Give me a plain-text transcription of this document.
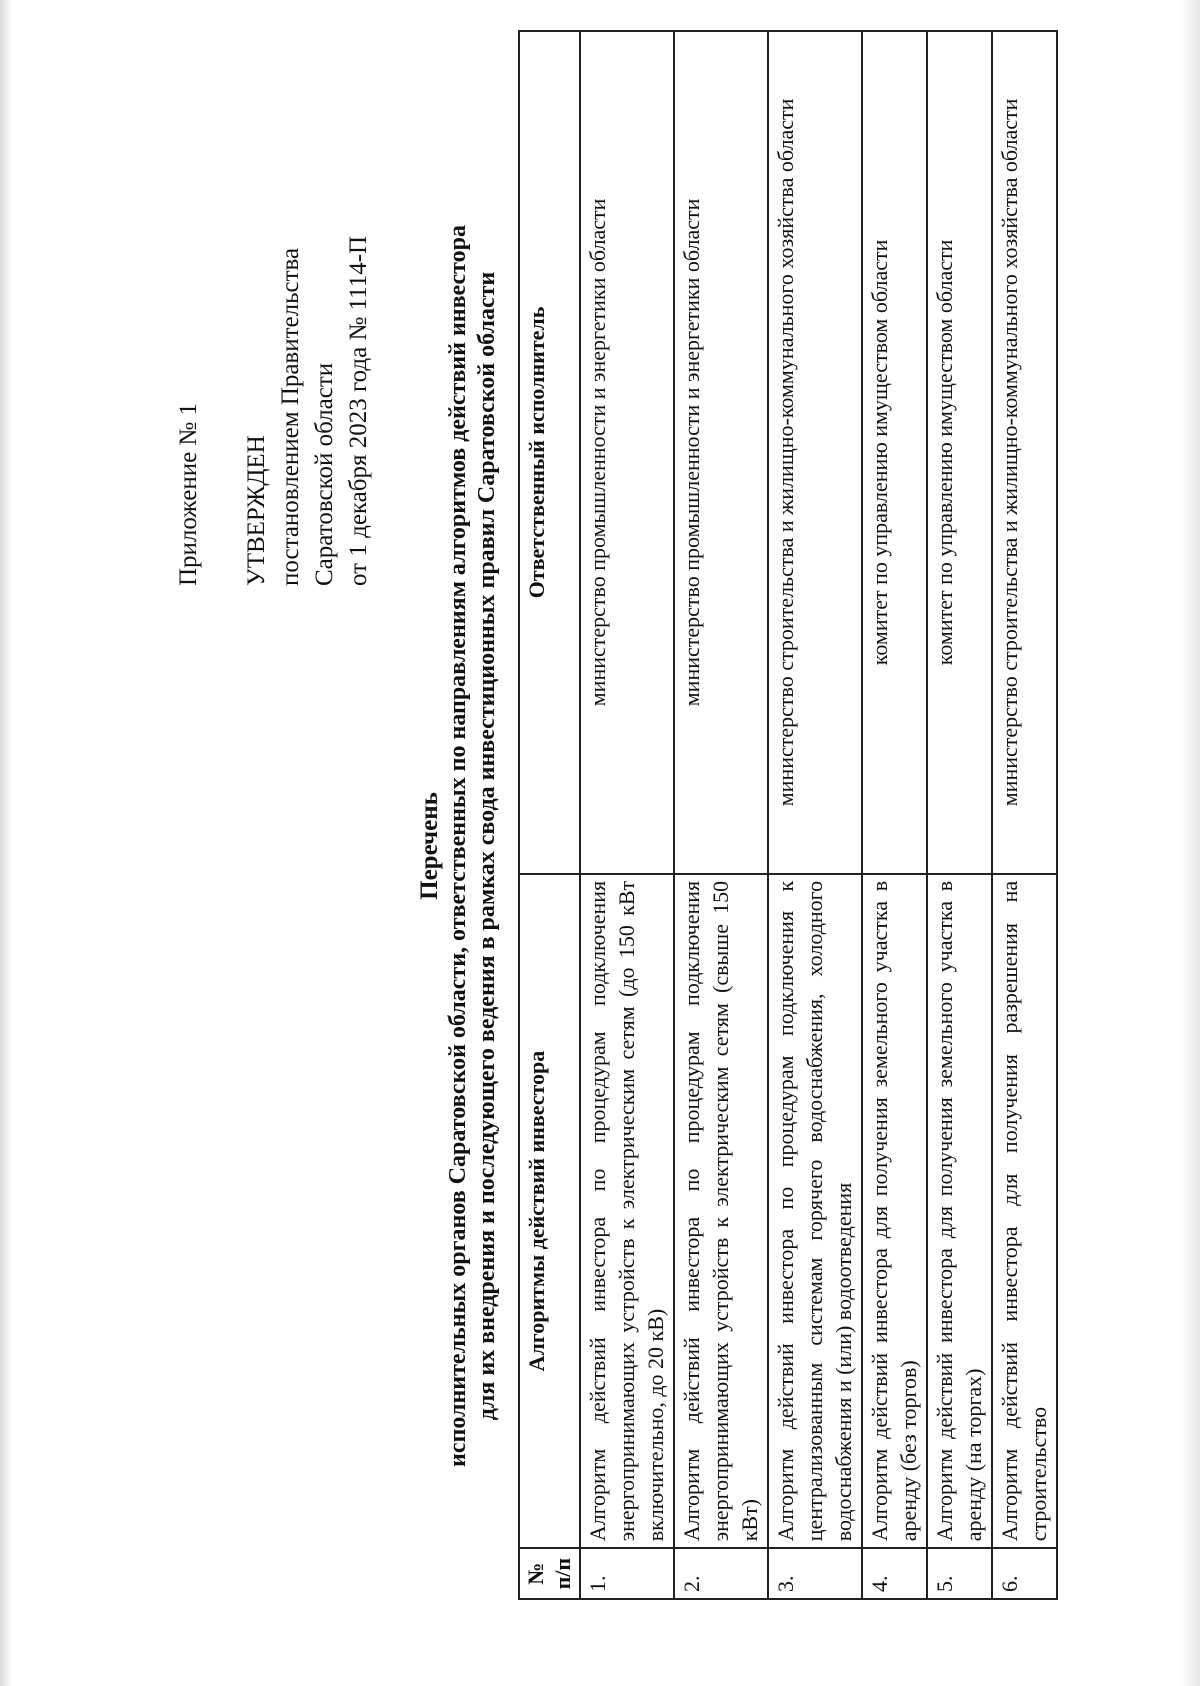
Приложение № 1 УТВЕРЖДЕН постановлением Правительства Саратовской области от 1 декабря 2023 года № 1114-П
Перечень исполнительных органов Саратовской области, ответственных по направлениям алгоритмов действий инвестора для их внедрения и последующего ведения в рамках свода инвестиционных правил Саратовской области
№ п/п	Алгоритмы действий инвестора	Ответственный исполнитель
1.	Алгоритм действий инвестора по процедурам подключения энергопринимающих устройств к электрическим сетям (до 150 кВт включительно, до 20 кВ)	министерство промышленности и энергетики области
2.	Алгоритм действий инвестора по процедурам подключения энергопринимающих устройств к электрическим сетям (свыше 150 кВт)	министерство промышленности и энергетики области
3.	Алгоритм действий инвестора по процедурам подключения к централизованным системам горячего водоснабжения, холодного водоснабжения и (или) водоотведения	министерство строительства и жилищно-коммунального хозяйства области
4.	Алгоритм действий инвестора для получения земельного участка в аренду (без торгов)	комитет по управлению имуществом области
5.	Алгоритм действий инвестора для получения земельного участка в аренду (на торгах)	комитет по управлению имуществом области
6.	Алгоритм действий инвестора для получения разрешения на строительство	министерство строительства и жилищно-коммунального хозяйства области
